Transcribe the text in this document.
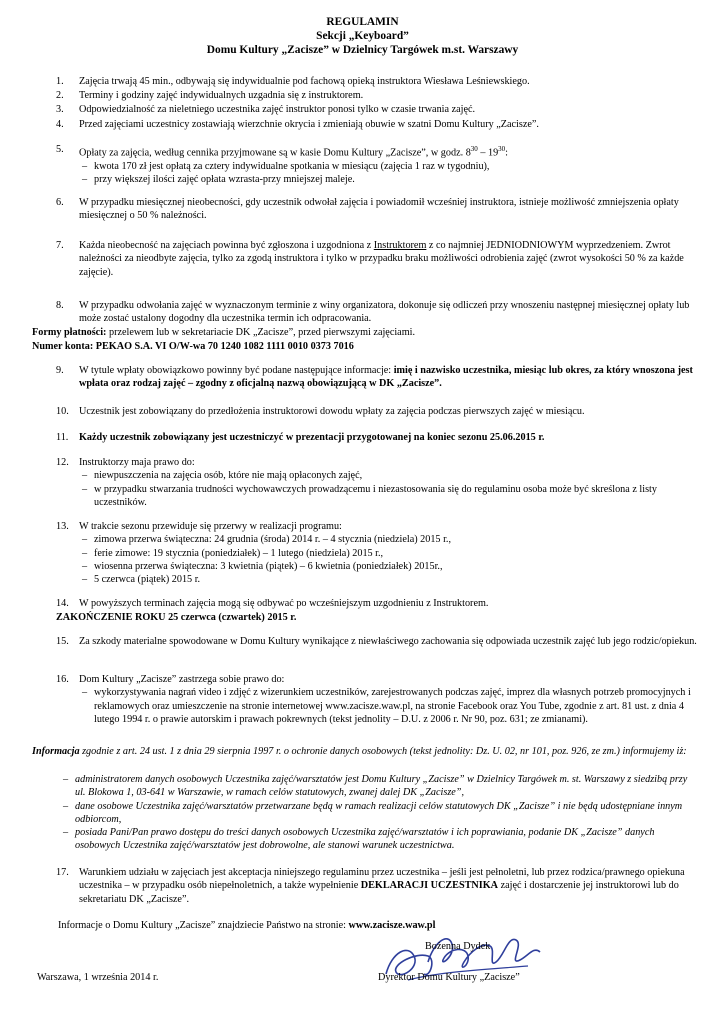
REGULAMIN
Sekcji „Keyboard”
Domu Kultury „Zacisze” w Dzielnicy Targówek m.st. Warszawy
1.	Zajęcia trwają 45 min., odbywają się indywidualnie pod fachową opieką instruktora Wiesława Leśniewskiego.
2.	Terminy i godziny zajęć indywidualnych uzgadnia się z instruktorem.
3.	Odpowiedzialność za nieletniego uczestnika zajęć instruktor ponosi tylko w czasie trwania zajęć.
4.	Przed zajęciami uczestnicy zostawiają wierzchnie okrycia i zmieniają obuwie w szatni Domu Kultury „Zacisze”.
5.	Opłaty za zajęcia, według cennika przyjmowane są w kasie Domu Kultury „Zacisze”, w godz. $8^{30} - 19^{30}$:
– kwota 170 zł jest opłatą za cztery indywidualne spotkania w miesiącu (zajęcia 1 raz w tygodniu),
– przy większej ilości zajęć opłata wzrasta-przy mniejszej maleje.
6.	W przypadku miesięcznej nieobecności, gdy uczestnik odwołał zajęcia i powiadomił wcześniej instruktora, istnieje możliwość zmniejszenia opłaty miesięcznej o 50 % należności.
7.	Każda nieobecność na zajęciach powinna być zgłoszona i uzgodniona z Instruktorem z co najmniej JEDNIODNIOWYM wyprzedzeniem. Zwrot należności za nieodbyte zajęcia, tylko za zgodą instruktora i tylko w przypadku braku możliwości odrobienia zajęć (zwrot wysokości 50 % za każde zajęcie).
8.	W przypadku odwołania zajęć w wyznaczonym terminie z winy organizatora, dokonuje się odliczeń przy wnoszeniu następnej miesięcznej opłaty lub może zostać ustalony dogodny dla uczestnika termin ich odpracowania.
Formy płatności: przelewem lub w sekretariacie DK „Zacisze”, przed pierwszymi zajęciami.
Numer konta: PEKAO S.A. VI O/W-wa 70 1240 1082 1111 0010 0373 7016
9.	W tytule wpłaty obowiązkowo powinny być podane następujące informacje: imię i nazwisko uczestnika, miesiąc lub okres, za który wnoszona jest wpłata oraz rodzaj zajęć – zgodny z oficjalną nazwą obowiązującą w DK „Zacisze”.
10.	Uczestnik jest zobowiązany do przedłożenia instruktorowi dowodu wpłaty za zajęcia podczas pierwszych zajęć w miesiącu.
11.	Każdy uczestnik zobowiązany jest uczestniczyć w prezentacji przygotowanej na koniec sezonu 25.06.2015 r.
12.	Instruktorzy maja prawo do:
– niewpuszczenia na zajęcia osób, które nie mają opłaconych zajęć,
– w przypadku stwarzania trudności wychowawczych prowadzącemu i niezastosowania się do regulaminu osoba może być skreślona z listy uczestników.
13.	W trakcie sezonu przewiduje się przerwy w realizacji programu:
– zimowa przerwa świąteczna: 24 grudnia (środa) 2014 r. – 4 stycznia (niedziela) 2015 r.,
– ferie zimowe: 19 stycznia (poniedziałek) – 1 lutego (niedziela) 2015 r.,
– wiosenna przerwa świąteczna: 3 kwietnia (piątek) – 6 kwietnia (poniedziałek) 2015r.,
– 5 czerwca (piątek) 2015 r.
14.	W powyższych terminach zajęcia mogą się odbywać po wcześniejszym uzgodnieniu z Instruktorem.
ZAKOŃCZENIE ROKU 25 czerwca (czwartek) 2015 r.
15.	Za szkody materialne spowodowane w Domu Kultury wynikające z niewłaściwego zachowania się odpowiada uczestnik zajęć lub jego rodzic/opiekun.
16.	Dom Kultury „Zacisze” zastrzega sobie prawo do:
– wykorzystywania nagrań video i zdjęć z wizerunkiem uczestników, zarejestrowanych podczas zajęć, imprez dla własnych potrzeb promocyjnych i reklamowych oraz umieszczenie na stronie internetowej www.zacisze.waw.pl, na stronie Facebook oraz You Tube, zgodnie z art. 81 ust. z dnia 4 lutego 1994 r. o prawie autorskim i prawach pokrewnych (tekst jednolity – D.U. z 2006 r. Nr 90, poz. 631; ze zmianami).
Informacja zgodnie z art. 24 ust. 1 z dnia 29 sierpnia 1997 r. o ochronie danych osobowych (tekst jednolity: Dz. U. 02, nr 101, poz. 926, ze zm.) informujemy iż:
– administratorem danych osobowych Uczestnika zajęć/warsztatów jest Domu Kultury „Zacisze” w Dzielnicy Targówek m. st. Warszawy z siedzibą przy ul. Blokowa 1, 03-641 w Warszawie, w ramach celów statutowych, zwanej dalej DK „Zacisze”,
– dane osobowe Uczestnika zajęć/warsztatów przetwarzane będą w ramach realizacji celów statutowych DK „Zacisze” i nie będą udostępniane innym odbiorcom,
– posiada Pani/Pan prawo dostępu do treści danych osobowych Uczestnika zajęć/warsztatów i ich poprawiania, podanie DK „Zacisze” danych osobowych Uczestnika zajęć/warsztatów jest dobrowolne, ale stanowi warunek uczestnictwa.
17.	Warunkiem udziału w zajęciach jest akceptacja niniejszego regulaminu przez uczestnika – jeśli jest pełnoletni, lub przez rodzica/prawnego opiekuna uczestnika – w przypadku osób niepełnoletnich, a także wypełnienie DEKLARACJI UCZESTNIKA zajęć i dostarczenie jej instruktorowi lub do sekretariatu DK „Zacisze”.
Informacje o Domu Kultury „Zacisze” znajdziecie Państwo na stronie: www.zacisze.waw.pl
Bożenna Dydek
Dyrektor Domu Kultury „Zacisze”
Warszawa, 1 września 2014 r.
